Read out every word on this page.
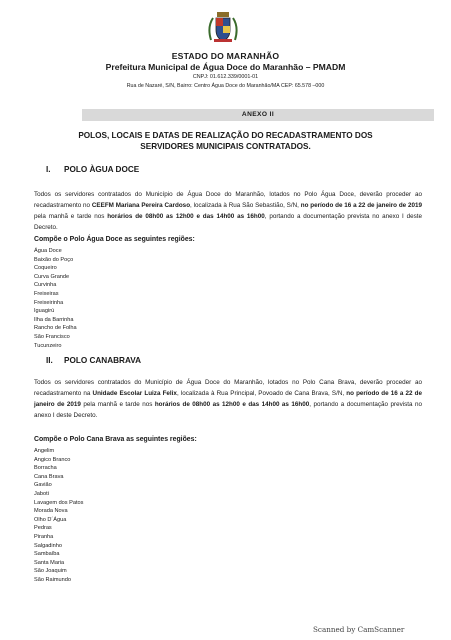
ESTADO DO MARANHÃO
Prefeitura Municipal de Água Doce do Maranhão – PMADM
CNPJ: 01.612.339/0001-01
Rua de Nazaré, S/N, Bairro: Centro Água Doce do Maranhão/MA CEP: 65.578 –000
ANEXO II
POLOS, LOCAIS E DATAS DE REALIZAÇÃO DO RECADASTRAMENTO DOS
SERVIDORES MUNICIPAIS CONTRATADOS.
I. POLO ÀGUA DOCE

Todos os servidores contratados do Município de Água Doce do Maranhão, lotados no Polo Água Doce, deverão proceder ao recadastramento no CEEFM Mariana Pereira Cardoso, localizada à Rua São Sebastião, S/N, no período de 16 a 22 de janeiro de 2019 pela manhã e tarde nos horários de 08h00 as 12h00 e das 14h00 as 16h00, portando a documentação prevista no anexo I deste Decreto.

Compõe o Polo Água Doce as seguintes regiões:
Água Doce
Baixão do Poço
Coqueiro
Curva Grande
Curvinha
Freixeiras
Freixeirinha
Iguagirú
Ilha da Barrinha
Rancho de Folha
São Francisco
Tucunzeiro
II. POLO CANABRAVA

Todos os servidores contratados do Município de Água Doce do Maranhão, lotados no Polo Cana Brava, deverão proceder ao recadastramento na Unidade Escolar Luiza Felix, localizada à Rua Principal, Povoado de Cana Brava, S/N, no período de 16 a 22 de janeiro de 2019 pela manhã e tarde nos horários de 08h00 as 12h00 e das 14h00 as 16h00, portando a documentação prevista no anexo I deste Decreto.

Compõe o Polo Cana Brava as seguintes regiões:
Angelim
Angico Branco
Borracha
Cana Brava
Gavião
Jaboti
Lavagem dos Patos
Morada Nova
Olho D´Água
Pedras
Piranha
Salgadinho
Sambaíba
Santa Maria
São Joaquim
São Raimundo
Scanned by CamScanner
